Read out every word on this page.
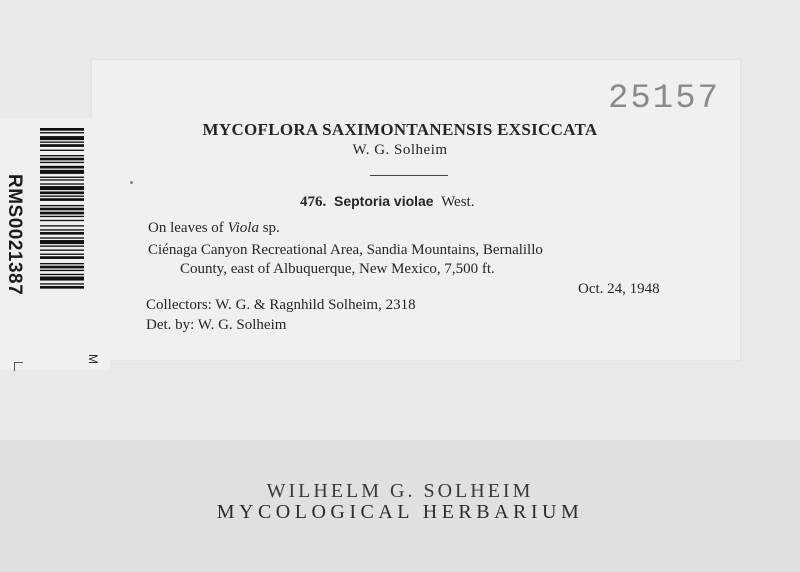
25157
MYCOFLORA SAXIMONTANENSIS EXSICCATA
W. G. Solheim
476. Septoria violae West.
On leaves of Viola sp.
Ciénaga Canyon Recreational Area, Sandia Mountains, Bernalillo
County, east of Albuquerque, New Mexico, 7,500 ft.
Oct. 24, 1948
Collectors: W. G. & Ragnhild Solheim, 2318
Det. by: W. G. Solheim
RMS0021387
M
WILHELM G. SOLHEIM
MYCOLOGICAL HERBARIUM
